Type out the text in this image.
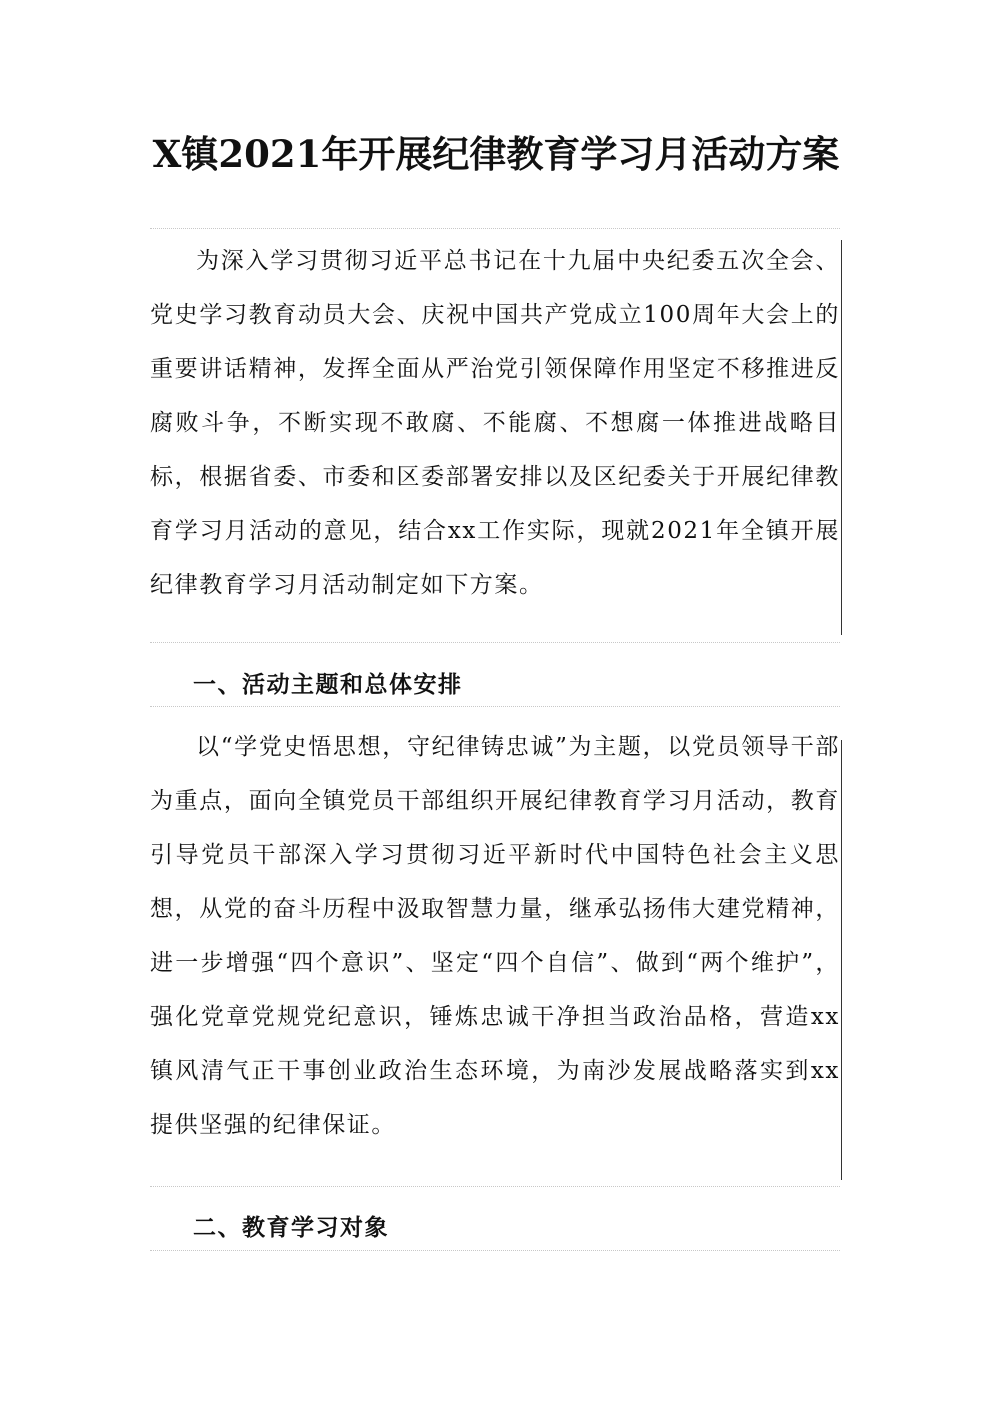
X镇2021年开展纪律教育学习月活动方案

为深入学习贯彻习近平总书记在十九届中央纪委五次全会、党史学习教育动员大会、庆祝中国共产党成立100周年大会上的重要讲话精神，发挥全面从严治党引领保障作用坚定不移推进反腐败斗争，不断实现不敢腐、不能腐、不想腐一体推进战略目标，根据省委、市委和区委部署安排以及区纪委关于开展纪律教育学习月活动的意见，结合xx工作实际，现就2021年全镇开展纪律教育学习月活动制定如下方案。

一、活动主题和总体安排

以“学党史悟思想，守纪律铸忠诚”为主题，以党员领导干部为重点，面向全镇党员干部组织开展纪律教育学习月活动，教育引导党员干部深入学习贯彻习近平新时代中国特色社会主义思想，从党的奋斗历程中汲取智慧力量，继承弘扬伟大建党精神，进一步增强“四个意识”、坚定“四个自信”、做到“两个维护”，强化党章党规党纪意识，锤炼忠诚干净担当政治品格，营造xx镇风清气正干事创业政治生态环境，为南沙发展战略落实到xx提供坚强的纪律保证。

二、教育学习对象
